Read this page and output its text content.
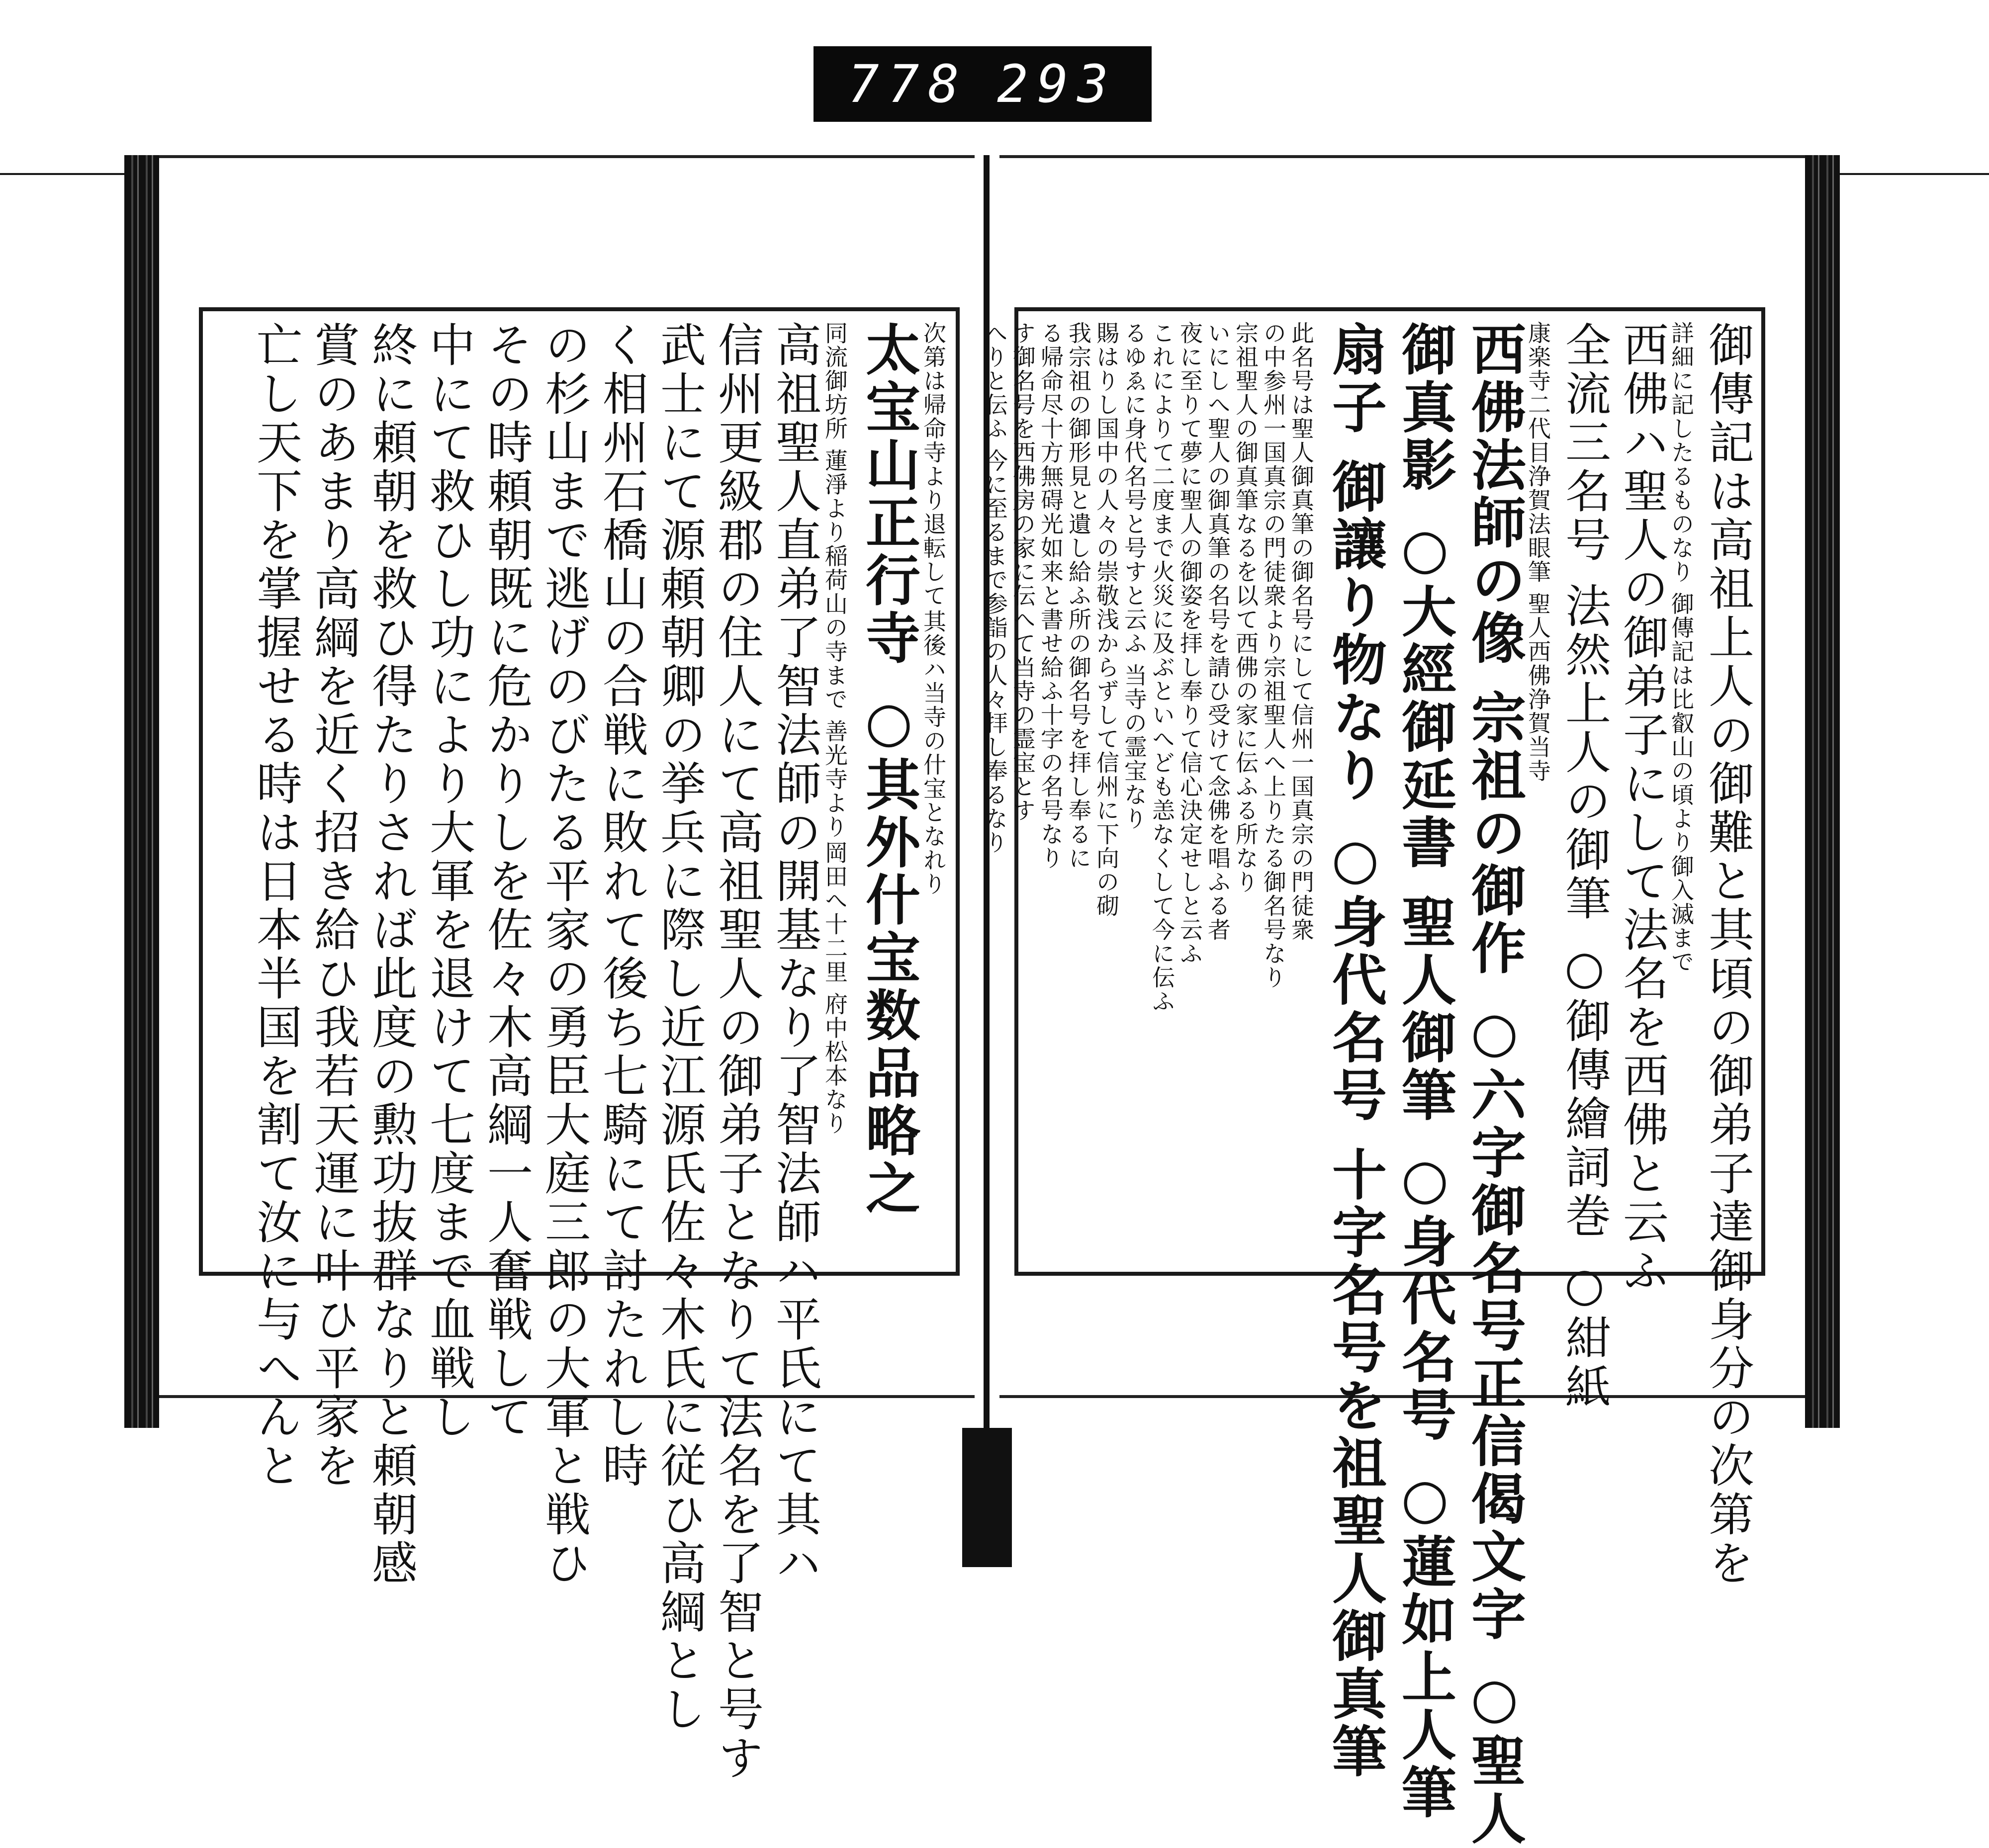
778 293
次第は帰命寺より退転して
其後ハ当寺の什宝となれり
太宝山正行寺 ○其外什宝数品略之
同流御坊所 蓮淨より稲荷山の寺まで 善光寺より
岡田へ十二里 府中松本なり
高祖聖人直弟了智法師の開基なり了智法師ハ平氏にて其ハ
信州更級郡の住人にて高祖聖人の御弟子となりて法名を了智と号す
武士にて源頼朝卿の挙兵に際し近江源氏佐々木氏に従ひ高綱とし
く相州石橋山の合戦に敗れて後ち七騎にて討たれし時
の杉山まで逃げのびたる平家の勇臣大庭三郎の大軍と戦ひ
その時頼朝既に危かりしを佐々木高綱一人奮戦して
中にて救ひし功により大軍を退けて七度まで血戦し
終に頼朝を救ひ得たりされば此度の勲功抜群なりと頼朝感
賞のあまり高綱を近く招き給ひ我若天運に叶ひ平家を
亡し天下を掌握せる時は日本半国を割て汝に与へんと	御傳記は高祖上人の御難と其頃の御弟子達御身分の次第を
詳細に記したるものなり 御傳記は比叡山の頃より御入滅まで
西佛ハ聖人の御弟子にして法名を西佛と云ふ
全流三名号 法然上人の御筆 ○御傳繪詞巻 ○紺紙
康楽寺二代目浄賀法眼筆 聖人西佛浄賀当寺
西佛法師の像 宗祖の御作 ○六字御名号正信偈文字 ○聖人
御真影 ○大經御延書 聖人御筆 ○身代名号 ○蓮如上人筆
扇子 御讓り物なり ○身代名号 十字名号を祖聖人御真筆
此名号は聖人御真筆の御名号にして信州一国真宗の門徒衆
の中参州一国真宗の門徒衆より宗祖聖人へ上りたる御名号なり
宗祖聖人の御真筆なるを以て西佛の家に伝ふる所なり
いにしへ聖人の御真筆の名号を請ひ受けて念佛を唱ふる者
夜に至りて夢に聖人の御姿を拝し奉りて信心決定せしと云ふ
これによりて二度まで火災に及ぶといへども恙なくして今に伝ふ
るゆゑに身代名号と号すと云ふ 当寺の霊宝なり
賜はりし国中の人々の崇敬浅からずして信州に下向の砌
我宗祖の御形見と遺し給ふ所の御名号を拝し奉るに
る帰命尽十方無碍光如来と書せ給ふ十字の名号なり
す御名号を西佛房の家に伝へて当寺の霊宝とす
へりと伝ふ 今に至るまで参詣の人々拝し奉るなり
